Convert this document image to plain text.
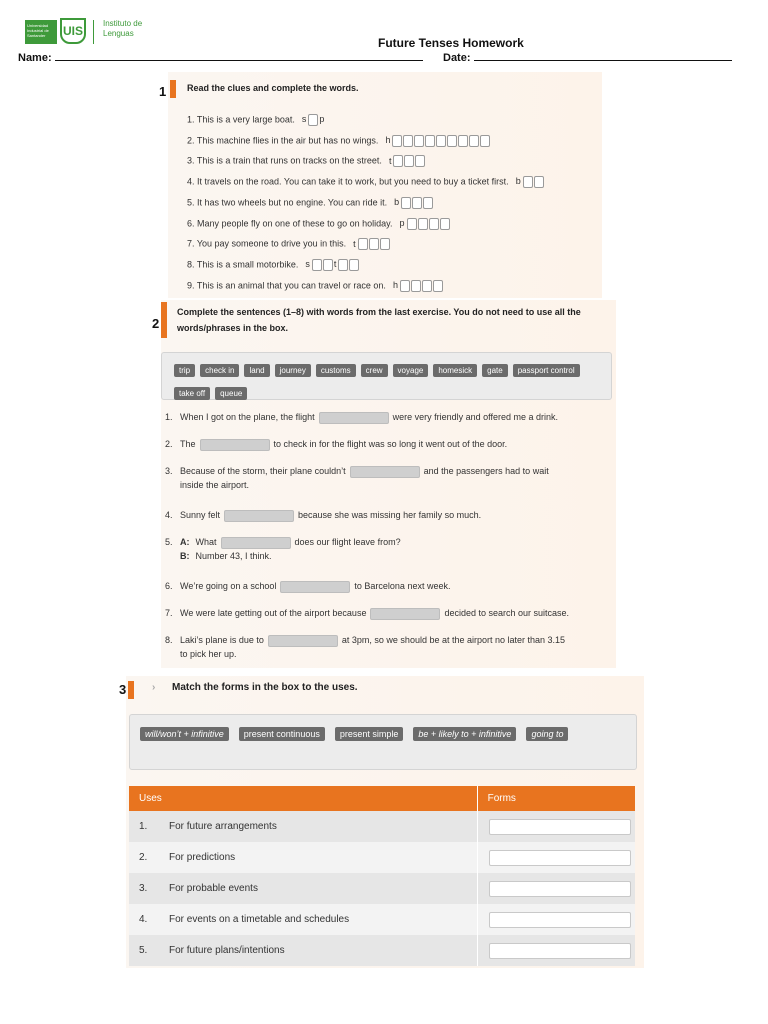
Universidad Industrial de Santander	UIS
Instituto de Lenguas
Future Tenses Homework
Name:	Date:
1 Read the clues and complete the words.
1. This is a very large boat. s p
2. This machine flies in the air but has no wings. h
3. This is a train that runs on tracks on the street. t
4. It travels on the road. You can take it to work, but you need to buy a ticket first. b
5. It has two wheels but no engine. You can ride it. b
6. Many people fly on one of these to go on holiday. p
7. You pay someone to drive you in this. t
8. This is a small motorbike. s	t
9. This is an animal that you can travel or race on. h
2
Complete the sentences (1–8) with words from the last exercise. You do not need to use all the words/phrases in the box.
trip check in land journey customs crew voyage homesick gate passport controltake off queue
1. When I got on the plane, the flight	were very friendly and offered me a drink.
2. The	to check in for the flight was so long it went out of the door.
3. Because of the storm, their plane couldn’t	and the passengers had to wait
inside the airport.
4. Sunny felt	because she was missing her family so much.
5. A: What	does our flight leave from?
B: Number 43, I think.
6. We’re going on a school	to Barcelona next week.
7. We were late getting out of the airport because	decided to search our suitcase.
8. Laki’s plane is due to	at 3pm, so we should be at the airport no later than 3.15
to pick her up.
3	› Match the forms in the box to the uses.
will/won’t + infinitive present continuous present simple be + likely to + infinitive going to
Uses		Forms
1.	For future arrangements	

2.	For predictions	

3.	For probable events	

4.	For events on a timetable and schedules	

5.	For future plans/intentions	
